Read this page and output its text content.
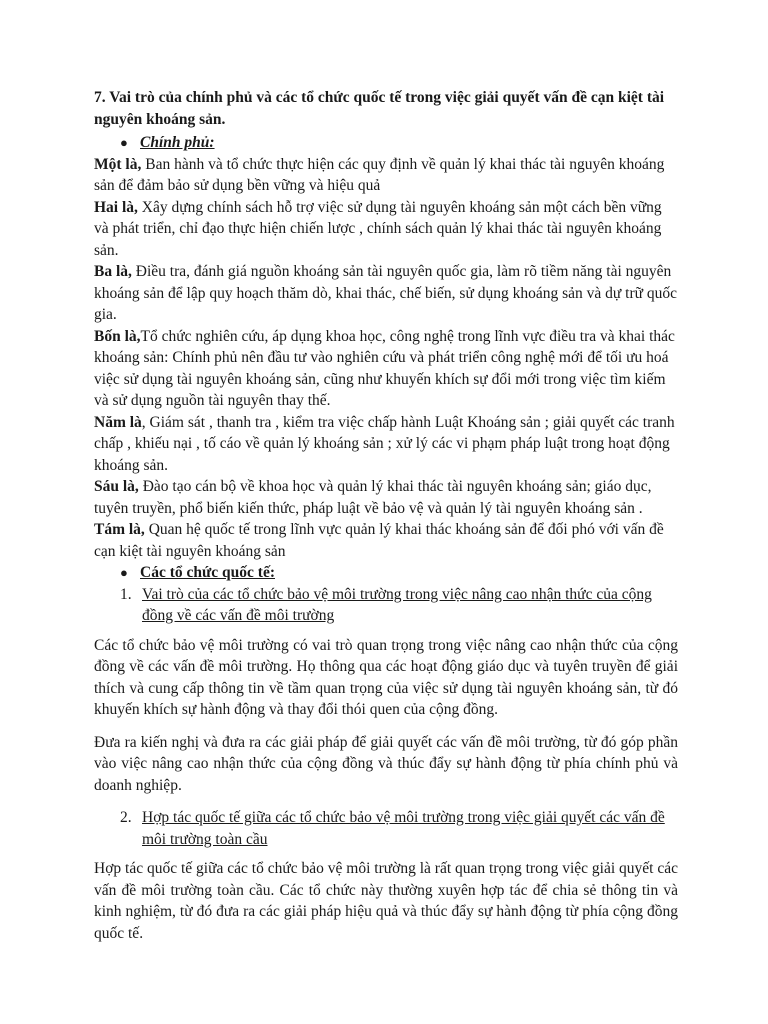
7. Vai trò của chính phủ và các tổ chức quốc tế trong việc giải quyết vấn đề cạn kiệt tài nguyên khoáng sản.

● Chính phủ:

Một là, Ban hành và tổ chức thực hiện các quy định về quản lý khai thác tài nguyên khoáng sản để đảm bảo sử dụng bền vững và hiệu quả

Hai là, Xây dựng chính sách hỗ trợ việc sử dụng tài nguyên khoáng sản một cách bền vững và phát triển, chỉ đạo thực hiện chiến lược , chính sách quản lý khai thác tài nguyên khoáng sản.

Ba là, Điều tra, đánh giá nguồn khoáng sản tài nguyên quốc gia, làm rõ tiềm năng tài nguyên khoáng sản để lập quy hoạch thăm dò, khai thác, chế biến, sử dụng khoáng sản và dự trữ quốc gia.

Bốn là,Tổ chức nghiên cứu, áp dụng khoa học, công nghệ trong lĩnh vực điều tra và khai thác khoáng sản: Chính phủ nên đầu tư vào nghiên cứu và phát triển công nghệ mới để tối ưu hoá việc sử dụng tài nguyên khoáng sản, cũng như khuyến khích sự đổi mới trong việc tìm kiếm và sử dụng nguồn tài nguyên thay thế.

Năm là, Giám sát , thanh tra , kiểm tra việc chấp hành Luật Khoáng sản ; giải quyết các tranh chấp , khiếu nại , tố cáo về quản lý khoáng sản ; xử lý các vi phạm pháp luật trong hoạt động khoáng sản.

Sáu là, Đào tạo cán bộ về khoa học và quản lý khai thác tài nguyên khoáng sản; giáo dục, tuyên truyền, phổ biến kiến thức, pháp luật về bảo vệ và quản lý tài nguyên khoáng sản .

Tám là, Quan hệ quốc tế trong lĩnh vực quản lý khai thác khoáng sản để đối phó với vấn đề cạn kiệt tài nguyên khoáng sản

● Các tổ chức quốc tế:
1. Vai trò của các tổ chức bảo vệ môi trường trong việc nâng cao nhận thức của cộng đồng về các vấn đề môi trường

Các tổ chức bảo vệ môi trường có vai trò quan trọng trong việc nâng cao nhận thức của cộng đồng về các vấn đề môi trường. Họ thông qua các hoạt động giáo dục và tuyên truyền để giải thích và cung cấp thông tin về tầm quan trọng của việc sử dụng tài nguyên khoáng sản, từ đó khuyến khích sự hành động và thay đổi thói quen của cộng đồng.

Đưa ra kiến nghị và đưa ra các giải pháp để giải quyết các vấn đề môi trường, từ đó góp phần vào việc nâng cao nhận thức của cộng đồng và thúc đẩy sự hành động từ phía chính phủ và doanh nghiệp.

2. Hợp tác quốc tế giữa các tổ chức bảo vệ môi trường trong việc giải quyết các vấn đề môi trường toàn cầu

Hợp tác quốc tế giữa các tổ chức bảo vệ môi trường là rất quan trọng trong việc giải quyết các vấn đề môi trường toàn cầu. Các tổ chức này thường xuyên hợp tác để chia sẻ thông tin và kinh nghiệm, từ đó đưa ra các giải pháp hiệu quả và thúc đẩy sự hành động từ phía cộng đồng quốc tế.
